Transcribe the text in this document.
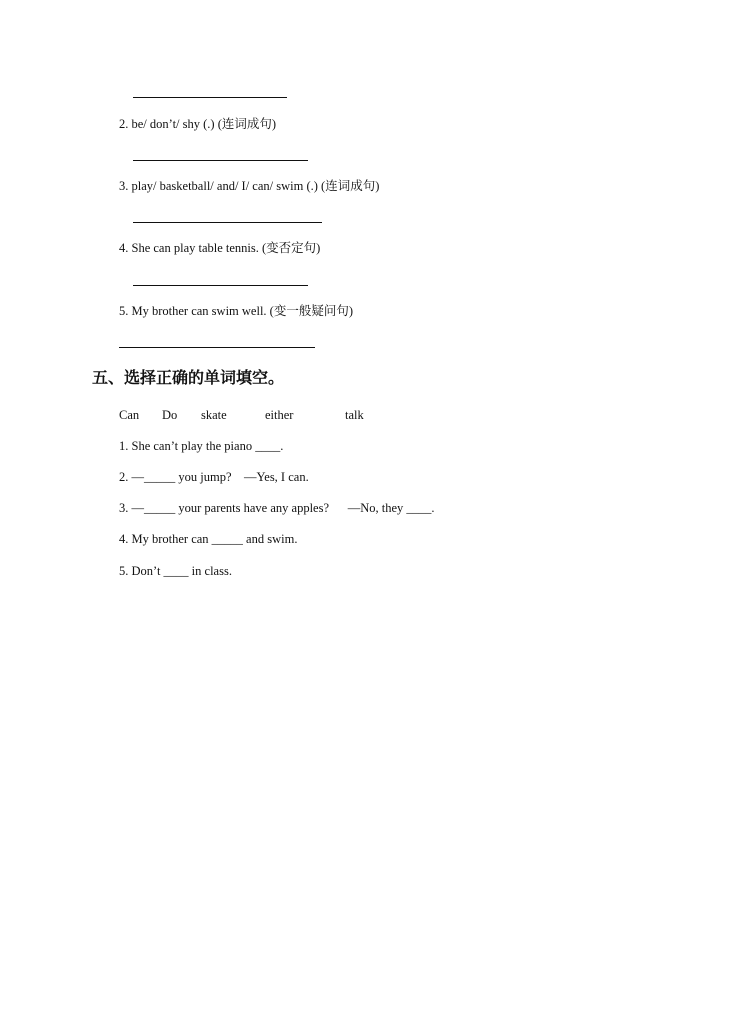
2. be/ don’t/ shy (.) (连词成句)
3. play/ basketball/ and/ I/ can/ swim (.) (连词成句)
4. She can play table tennis. (变否定句)
5. My brother can swim well. (变一般疑问句)
五、选择正确的单词填空。
Can Do skate	either	talk
1. She can’t play the piano ____.
2. —_____ you jump?    —Yes, I can.
3. —_____ your parents have any apples?      —No, they ____.
4. My brother can _____ and swim.
5. Don’t ____ in class.
